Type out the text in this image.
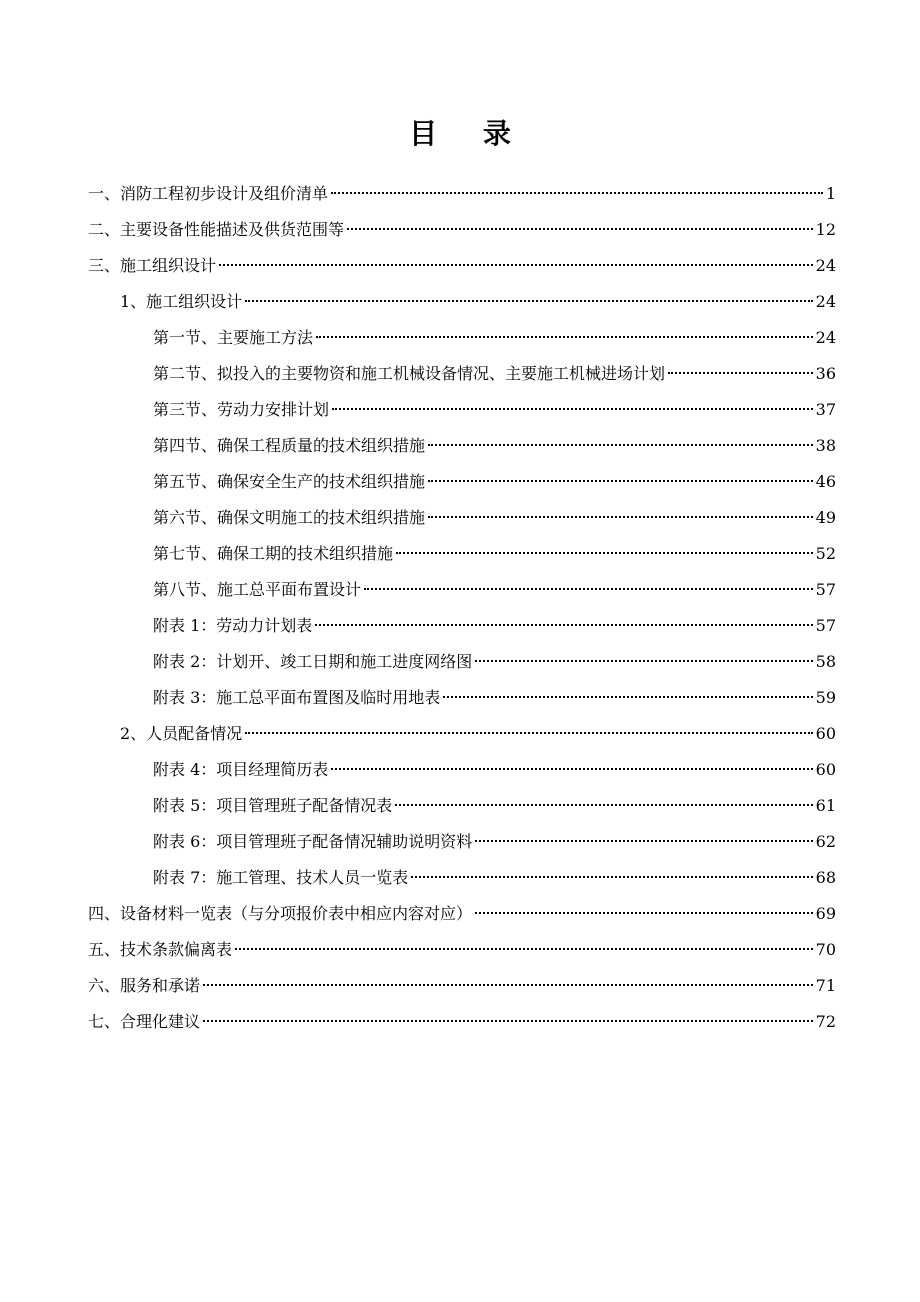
目 录
一、消防工程初步设计及组价清单	1
二、主要设备性能描述及供货范围等	12
三、施工组织设计	24
1、施工组织设计	24
第一节、主要施工方法	24
第二节、拟投入的主要物资和施工机械设备情况、主要施工机械进场计划	36
第三节、劳动力安排计划	37
第四节、确保工程质量的技术组织措施	38
第五节、确保安全生产的技术组织措施	46
第六节、确保文明施工的技术组织措施	49
第七节、确保工期的技术组织措施	52
第八节、施工总平面布置设计	57
附表 1：劳动力计划表	57
附表 2：计划开、竣工日期和施工进度网络图	58
附表 3：施工总平面布置图及临时用地表	59
2、人员配备情况	60
附表 4：项目经理简历表	60
附表 5：项目管理班子配备情况表	61
附表 6：项目管理班子配备情况辅助说明资料	62
附表 7：施工管理、技术人员一览表	68
四、设备材料一览表（与分项报价表中相应内容对应）	69
五、技术条款偏离表	70
六、服务和承诺	71
七、合理化建议	72
